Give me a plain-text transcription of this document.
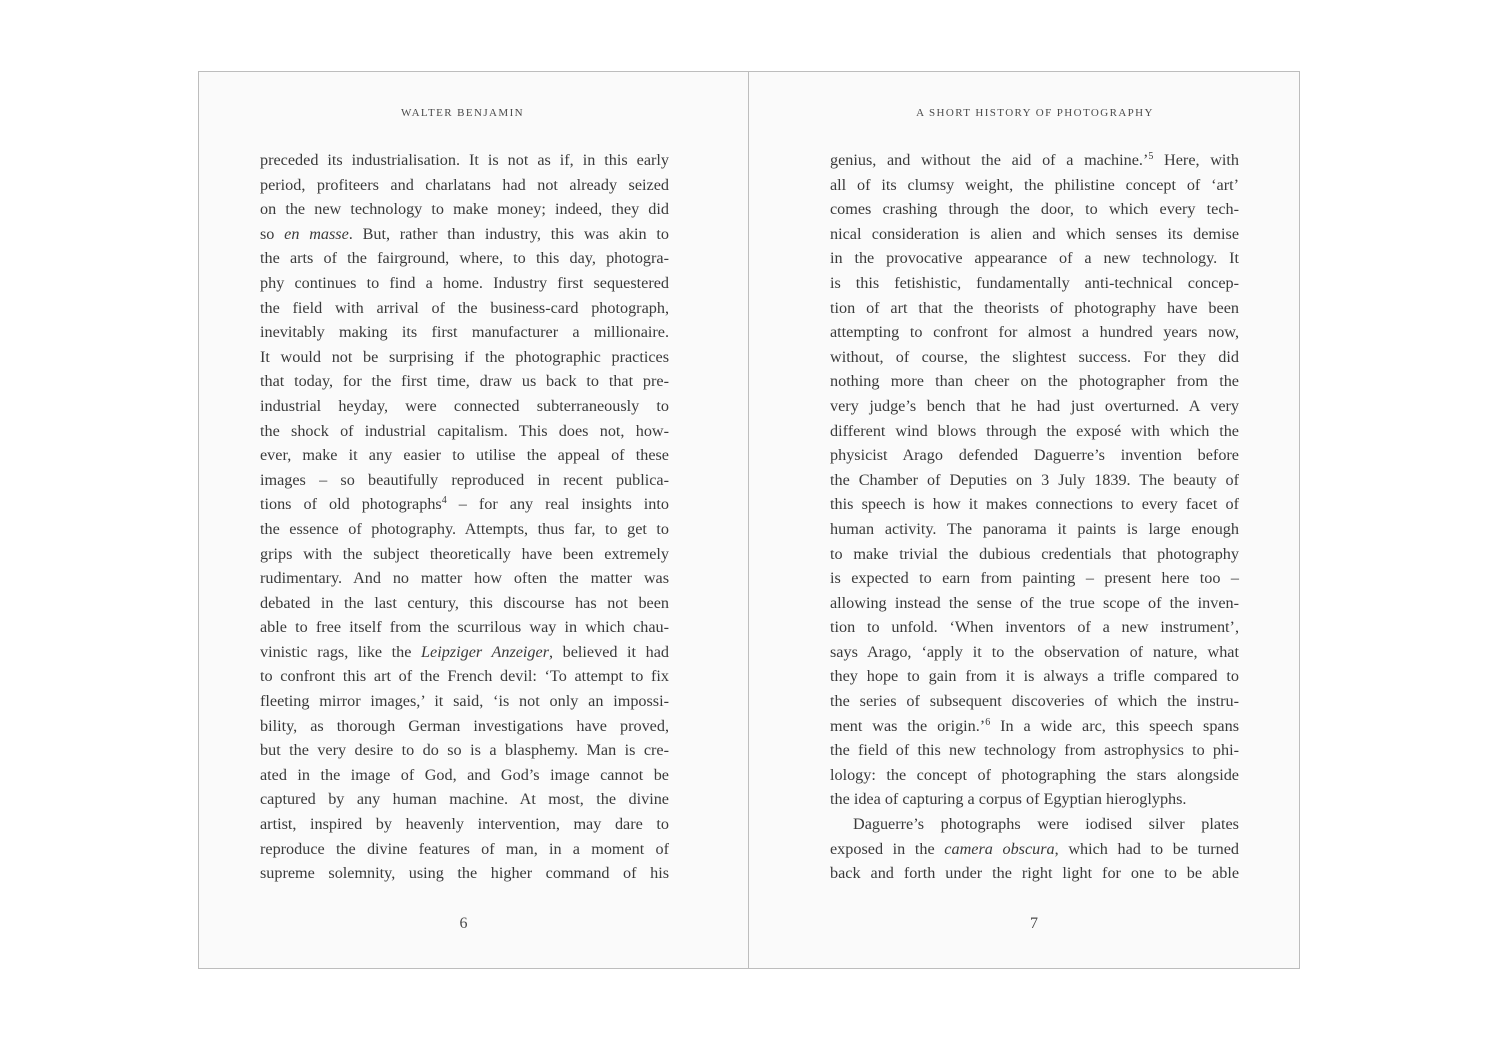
WALTER BENJAMIN
preceded its industrialisation. It is not as if, in this early
period, profiteers and charlatans had not already seized
on the new technology to make money; indeed, they did
so en masse. But, rather than industry, this was akin to
the arts of the fairground, where, to this day, photogra-
phy continues to find a home. Industry first sequestered
the field with arrival of the business-card photograph,
inevitably making its first manufacturer a millionaire.
It would not be surprising if the photographic practices
that today, for the first time, draw us back to that pre-
industrial heyday, were connected subterraneously to
the shock of industrial capitalism. This does not, how-
ever, make it any easier to utilise the appeal of these
images – so beautifully reproduced in recent publica-
tions of old photographs$^4$ – for any real insights into
the essence of photography. Attempts, thus far, to get to
grips with the subject theoretically have been extremely
rudimentary. And no matter how often the matter was
debated in the last century, this discourse has not been
able to free itself from the scurrilous way in which chau-
vinistic rags, like the Leipziger Anzeiger, believed it had
to confront this art of the French devil: ‘To attempt to fix
fleeting mirror images,’ it said, ‘is not only an impossi-
bility, as thorough German investigations have proved,
but the very desire to do so is a blasphemy. Man is cre-
ated in the image of God, and God’s image cannot be
captured by any human machine. At most, the divine
artist, inspired by heavenly intervention, may dare to
reproduce the divine features of man, in a moment of
supreme solemnity, using the higher command of his
6
A SHORT HISTORY OF PHOTOGRAPHY
genius, and without the aid of a machine.’$^5$ Here, with
all of its clumsy weight, the philistine concept of ‘art’
comes crashing through the door, to which every tech-
nical consideration is alien and which senses its demise
in the provocative appearance of a new technology. It
is this fetishistic, fundamentally anti-technical concep-
tion of art that the theorists of photography have been
attempting to confront for almost a hundred years now,
without, of course, the slightest success. For they did
nothing more than cheer on the photographer from the
very judge’s bench that he had just overturned. A very
different wind blows through the exposé with which the
physicist Arago defended Daguerre’s invention before
the Chamber of Deputies on 3 July 1839. The beauty of
this speech is how it makes connections to every facet of
human activity. The panorama it paints is large enough
to make trivial the dubious credentials that photography
is expected to earn from painting – present here too –
allowing instead the sense of the true scope of the inven-
tion to unfold. ‘When inventors of a new instrument’,
says Arago, ‘apply it to the observation of nature, what
they hope to gain from it is always a trifle compared to
the series of subsequent discoveries of which the instru-
ment was the origin.’$^6$ In a wide arc, this speech spans
the field of this new technology from astrophysics to phi-
lology: the concept of photographing the stars alongside
the idea of capturing a corpus of Egyptian hieroglyphs.
Daguerre’s photographs were iodised silver plates
exposed in the camera obscura, which had to be turned
back and forth under the right light for one to be able
7
